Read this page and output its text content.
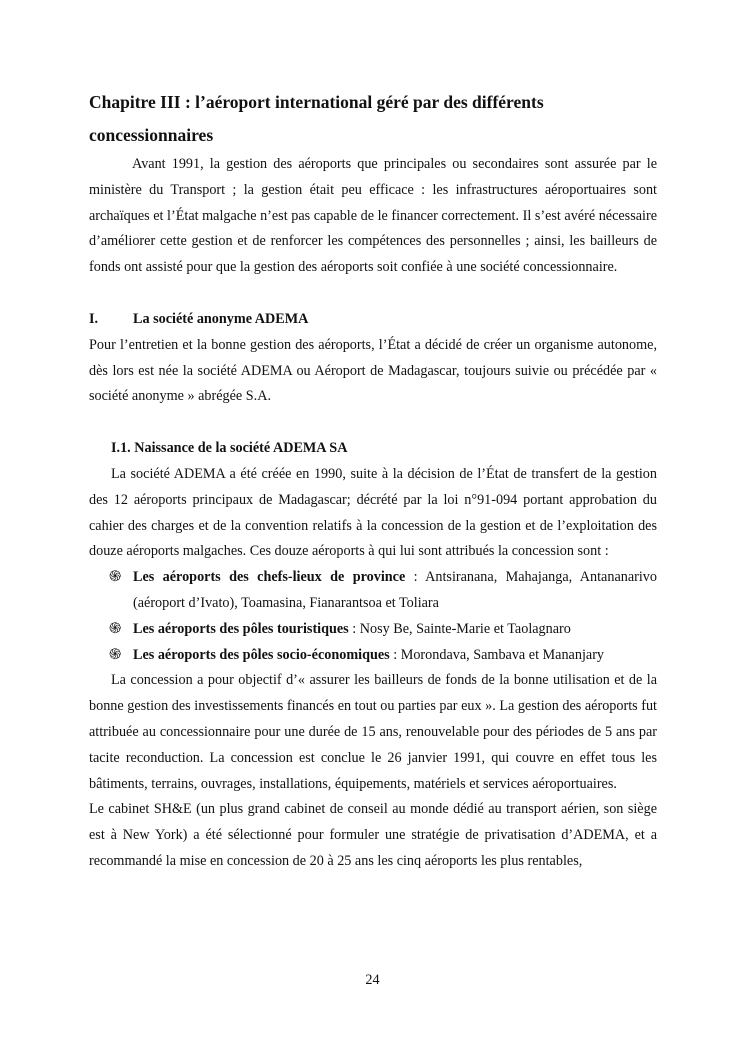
Chapitre III : l’aéroport international géré par des différents concessionnaires

Avant 1991, la gestion des aéroports que principales ou secondaires sont assurée par le ministère du Transport ; la gestion était peu efficace : les infrastructures aéroportuaires sont archaïques et l’État malgache n’est pas capable de le financer correctement. Il s’est avéré nécessaire d’améliorer cette gestion et de renforcer les compétences des personnelles ; ainsi, les bailleurs de fonds ont assisté pour que la gestion des aéroports soit confiée à une société concessionnaire.

I.	La société anonyme ADEMA

Pour l’entretien et la bonne gestion des aéroports, l’État a décidé de créer un organisme autonome, dès lors est née la société ADEMA ou Aéroport de Madagascar, toujours suivie ou précédée par « société anonyme » abrégée S.A.

I.1. Naissance de la société ADEMA SA

La société ADEMA a été créée en 1990, suite à la décision de l’État de transfert de la gestion des 12 aéroports principaux de Madagascar; décrété par la loi n°91-094 portant approbation du cahier des charges et de la convention relatifs à la concession de la gestion et de l’exploitation des douze aéroports malgaches. Ces douze aéroports à qui lui sont attribués la concession sont :

֍ Les aéroports des chefs-lieux de province : Antsiranana, Mahajanga, Antananarivo (aéroport d’Ivato), Toamasina, Fianarantsoa et Toliara
֍ Les aéroports des pôles touristiques : Nosy Be, Sainte-Marie et Taolagnaro
֍ Les aéroports des pôles socio-économiques : Morondava, Sambava et Mananjary

La concession a pour objectif d’« assurer les bailleurs de fonds de la bonne utilisation et de la bonne gestion des investissements financés en tout ou parties par eux ». La gestion des aéroports fut attribuée au concessionnaire pour une durée de 15 ans, renouvelable pour des périodes de 5 ans par tacite reconduction. La concession est conclue le 26 janvier 1991, qui couvre en effet tous les bâtiments, terrains, ouvrages, installations, équipements, matériels et services aéroportuaires.

Le cabinet SH&E (un plus grand cabinet de conseil au monde dédié au transport aérien, son siège est à New York) a été sélectionné pour formuler une stratégie de privatisation d’ADEMA, et a recommandé la mise en concession de 20 à 25 ans les cinq aéroports les plus rentables,

24
